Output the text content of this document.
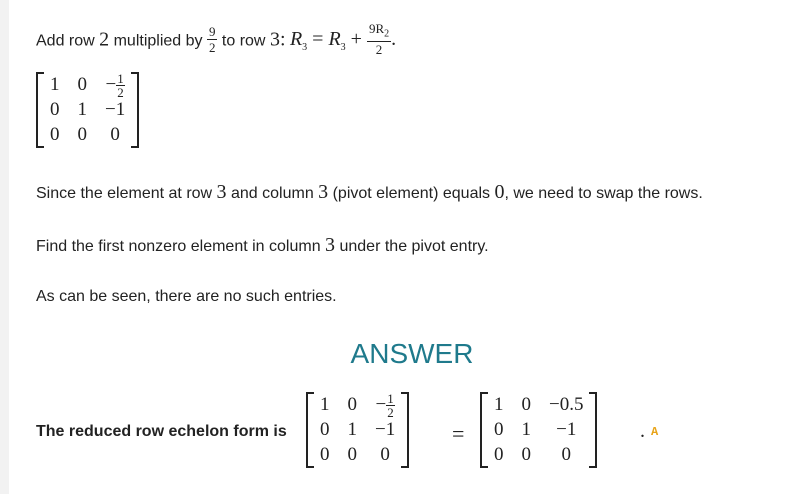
Add row 2 multiplied by $\frac{9}{2}$ to row 3: $R_3 = R_3 + \frac{9R_2}{2}$ .
1 $0 - \frac{1}{2}$
0 1 −1
0 0 0
Since the element at row 3 and column 3 (pivot element) equals 0, we need to swap the rows.
Find the first nonzero element in column 3 under the pivot entry.
As can be seen, there are no such entries.
ANSWER
The reduced row echelon form is
1 $0 - \frac{1}{2}$
0 1 −1
0 0 0
=
1 0 −0.5
0 1	−1
0 0	0
. A
